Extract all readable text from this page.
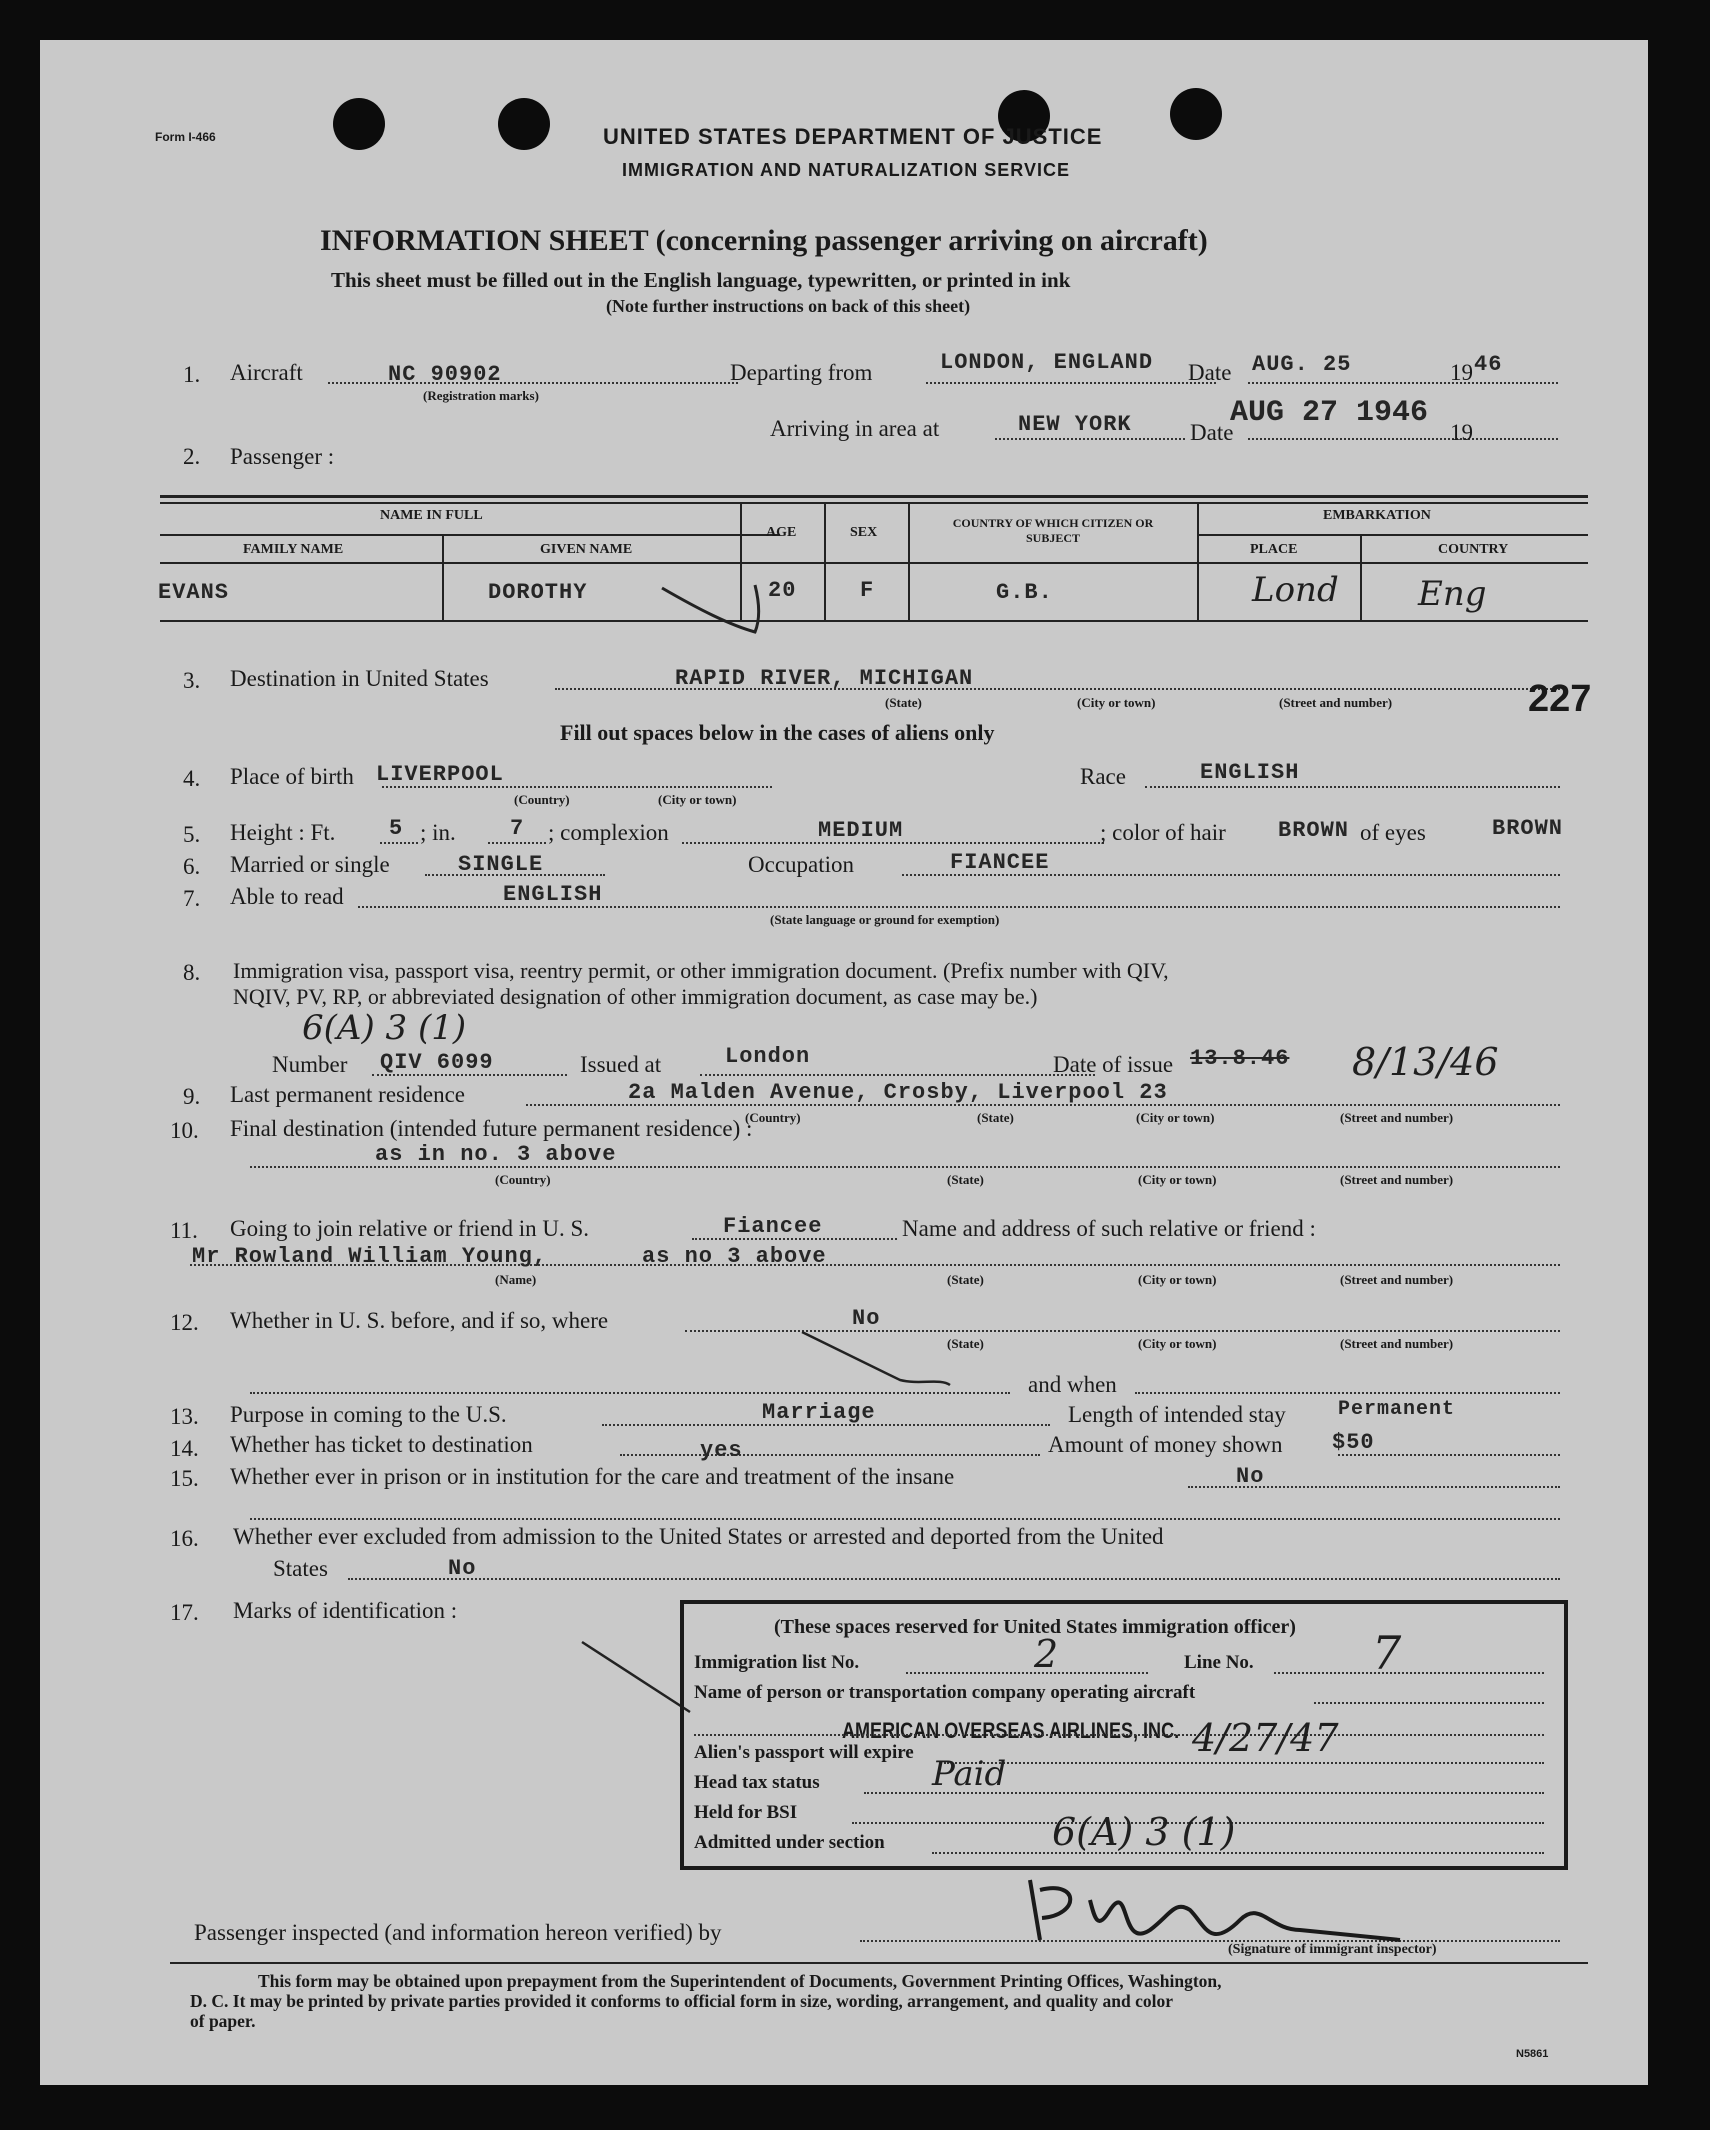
Form I-466	UNITED STATES DEPARTMENT OF JUSTICE
IMMIGRATION AND NATURALIZATION SERVICE
INFORMATION SHEET (concerning passenger arriving on aircraft)
This sheet must be filled out in the English language, typewritten, or printed in ink
(Note further instructions on back of this sheet)
1. Aircraft	NC 90902
(Registration marks)
Departing from	LONDON, ENGLAND Date AUG. 25	19 46
Arriving in area at	NEW YORK	Date
AUG 27 1946
19
2. Passenger :
NAME IN FULL
FAMILY NAME	GIVEN NAME
AGE	SEX
COUNTRY OF WHICH CITIZEN OR SUBJECT
EMBARKATION
PLACE	COUNTRY
EVANS	DOROTHY	20	F	G.B.	Lond Eng
3. Destination in United States	RAPID RIVER, MICHIGAN
(State)	(City or town)	(Street and number)	227
Fill out spaces below in the cases of aliens only
4. Place of birth LIVERPOOL
(Country)	(City or town)
Race	ENGLISH
5. Height : Ft. 5 ; in. 7 ; complexion	MEDIUM	; color of hair BROWN of eyes	BROWN
6. Married or single	SINGLE	Occupation	FIANCEE
7. Able to read	ENGLISH
(State language or ground for exemption)
8. Immigration visa, passport visa, reentry permit, or other immigration document. (Prefix number with QIV,
NQIV, PV, RP, or abbreviated designation of other immigration document, as case may be.)
6(A) 3 (1)
Number QIV 6099	Issued at	London	Date of issue 13.8.46 8/13/46
9. Last permanent residence	2a Malden Avenue, Crosby, Liverpool 23
(Country)	(State)	(City or town)	(Street and number)
10. Final destination (intended future permanent residence) :
as in no. 3 above
(Country)	(State)	(City or town)	(Street and number)
11. Going to join relative or friend in U. S.	Fiancee	Name and address of such relative or friend :
Mr Rowland William Young,	as no 3 above
(Name)	(State)	(City or town)	(Street and number)
12. Whether in U. S. before, and if so, where	No
(State)	(City or town)	(Street and number)
and when
13. Purpose in coming to the U.S.	Marriage	Length of intended stay	Permanent
14. Whether has ticket to destination	yes	Amount of money shown $50
15. Whether ever in prison or in institution for the care and treatment of the insane	No
16. Whether ever excluded from admission to the United States or arrested and deported from the United
States	No
17. Marks of identification :
(These spaces reserved for United States immigration officer)
Immigration list No.	2	Line No.	7
Name of person or transportation company operating aircraft
AMERICAN OVERSEAS AIRLINES, INC.
Alien's passport will expire	4/27/47
Head tax status	Paid
Held for BSI
Admitted under section	6(A) 3 (1)
Passenger inspected (and information hereon verified) by
(Signature of immigrant inspector)
This form may be obtained upon prepayment from the Superintendent of Documents, Government Printing Offices, Washington,
D. C. It may be printed by private parties provided it conforms to official form in size, wording, arrangement, and quality and color
of paper.
N5861
